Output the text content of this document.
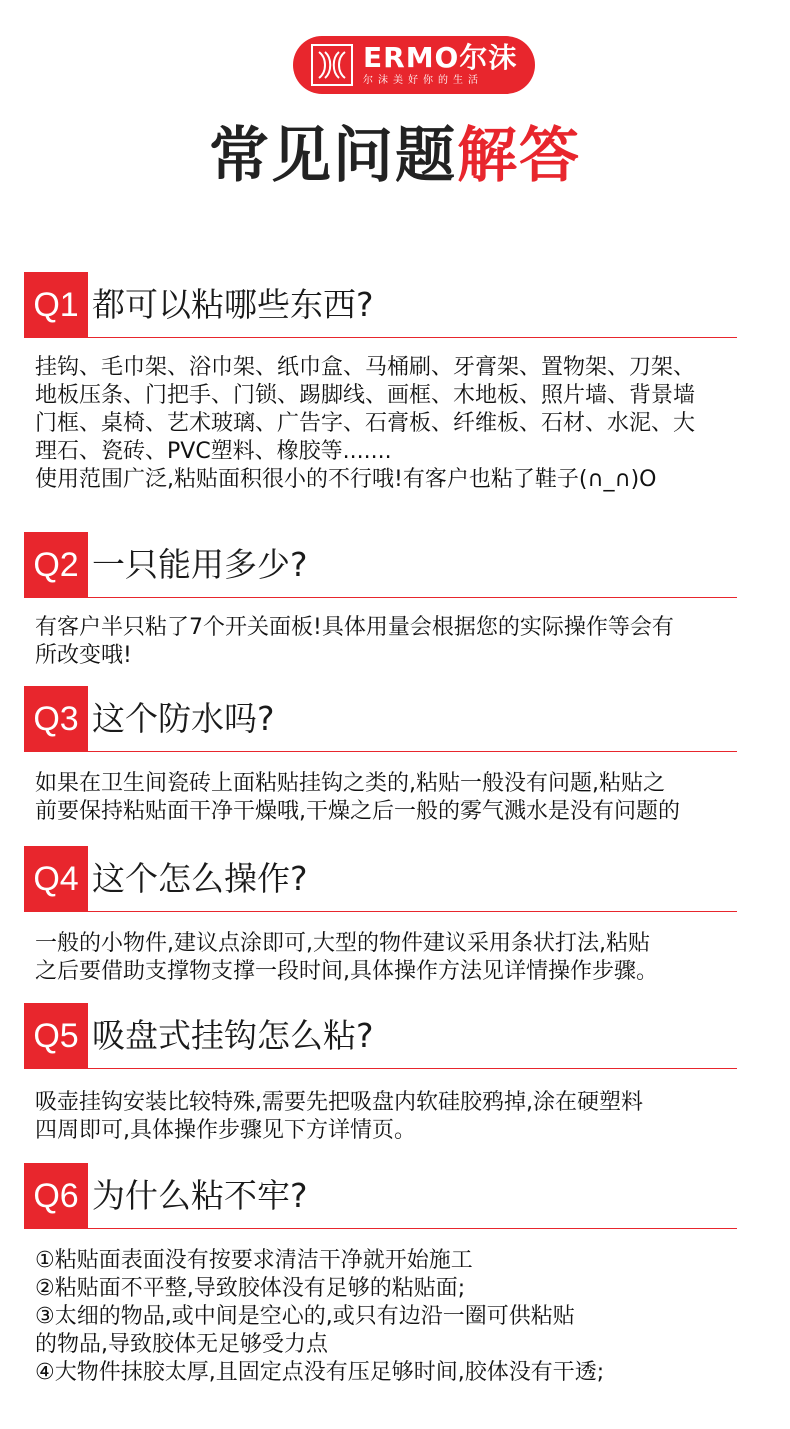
ERMO尔沫
尔沫美好你的生活
常见问题解答
Q1 都可以粘哪些东西?

挂钩、毛巾架、浴巾架、纸巾盒、马桶刷、牙膏架、置物架、刀架、
地板压条、门把手、门锁、踢脚线、画框、木地板、照片墙、背景墙
门框、桌椅、艺术玻璃、广告字、石膏板、纤维板、石材、水泥、大
理石、瓷砖、PVC塑料、橡胶等.......
使用范围广泛,粘贴面积很小的不行哦!有客户也粘了鞋子(∩_∩)O

Q2 一只能用多少?

有客户半只粘了7个开关面板!具体用量会根据您的实际操作等会有
所改变哦!

Q3 这个防水吗?

如果在卫生间瓷砖上面粘贴挂钩之类的,粘贴一般没有问题,粘贴之
前要保持粘贴面干净干燥哦,干燥之后一般的雾气溅水是没有问题的

Q4 这个怎么操作?

一般的小物件,建议点涂即可,大型的物件建议采用条状打法,粘贴
之后要借助支撑物支撑一段时间,具体操作方法见详情操作步骤。

Q5 吸盘式挂钩怎么粘?

吸壶挂钩安装比较特殊,需要先把吸盘内软硅胶鸦掉,涂在硬塑料
四周即可,具体操作步骤见下方详情页。

Q6 为什么粘不牢?

①粘贴面表面没有按要求清洁干净就开始施工
②粘贴面不平整,导致胶体没有足够的粘贴面;
③太细的物品,或中间是空心的,或只有边沿一圈可供粘贴
的物品,导致胶体无足够受力点
④大物件抹胶太厚,且固定点没有压足够时间,胶体没有干透;
